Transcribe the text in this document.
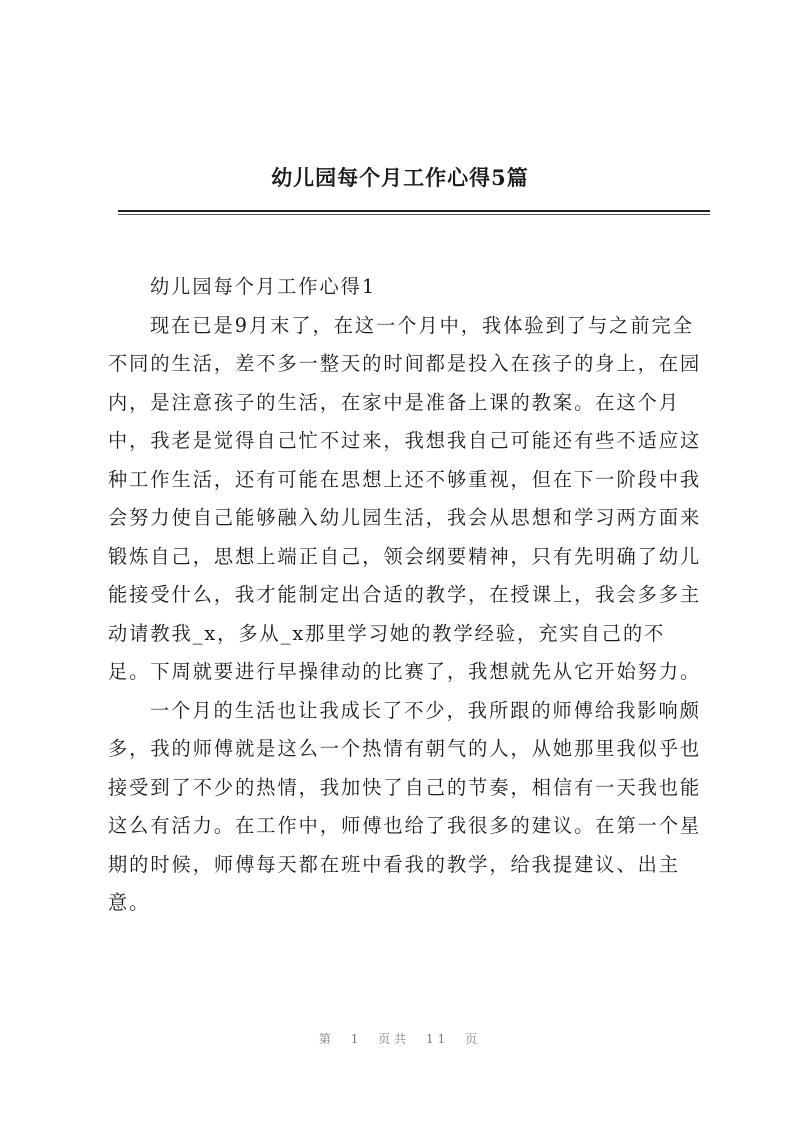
幼儿园每个月工作心得5篇

幼儿园每个月工作心得1

现在已是9月末了，在这一个月中，我体验到了与之前完全
不同的生活，差不多一整天的时间都是投入在孩子的身上，在园
内，是注意孩子的生活，在家中是准备上课的教案。在这个月
中，我老是觉得自己忙不过来，我想我自己可能还有些不适应这
种工作生活，还有可能在思想上还不够重视，但在下一阶段中我
会努力使自己能够融入幼儿园生活，我会从思想和学习两方面来
锻炼自己，思想上端正自己，领会纲要精神，只有先明确了幼儿
能接受什么，我才能制定出合适的教学，在授课上，我会多多主
动请教我_x，多从_x那里学习她的教学经验，充实自己的不
足。下周就要进行早操律动的比赛了，我想就先从它开始努力。

一个月的生活也让我成长了不少，我所跟的师傅给我影响颇
多，我的师傅就是这么一个热情有朝气的人，从她那里我似乎也
接受到了不少的热情，我加快了自己的节奏，相信有一天我也能
这么有活力。在工作中，师傅也给了我很多的建议。在第一个星
期的时候，师傅每天都在班中看我的教学，给我提建议、出主
意。

第 1 页共 11 页
